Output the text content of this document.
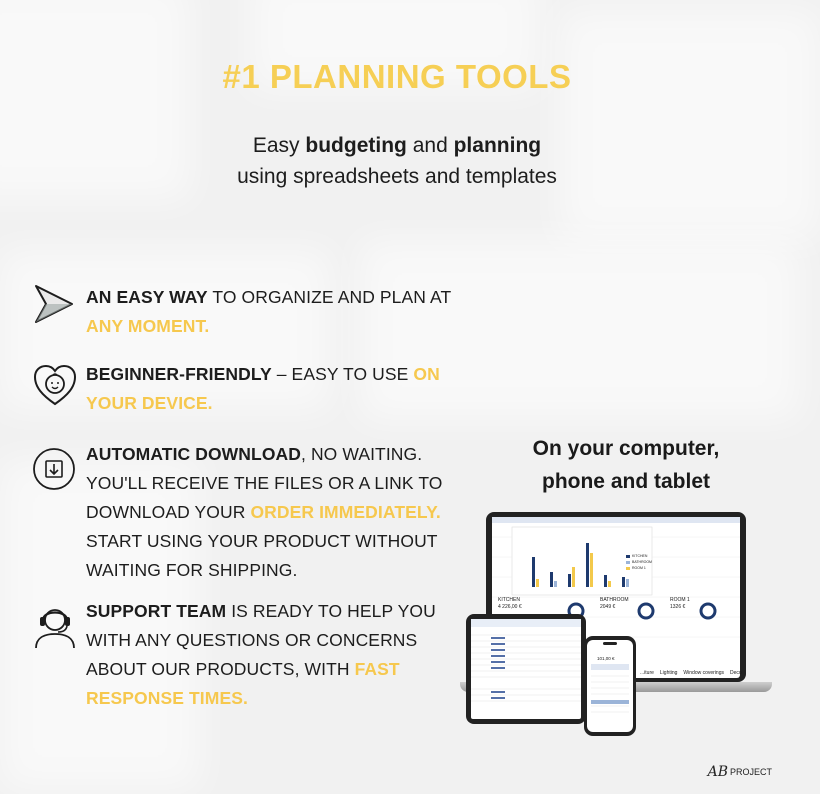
#1 PLANNING TOOLS
Easy budgeting and planning
using spreadsheets and templates
AN EASY WAY TO ORGANIZE AND PLAN AT ANY MOMENT.
BEGINNER-FRIENDLY – EASY TO USE ON YOUR DEVICE.
AUTOMATIC DOWNLOAD, NO WAITING. YOU'LL RECEIVE THE FILES OR A LINK TO DOWNLOAD YOUR ORDER IMMEDIATELY. START USING YOUR PRODUCT WITHOUT WAITING FOR SHIPPING.
SUPPORT TEAM IS READY TO HELP YOU WITH ANY QUESTIONS OR CONCERNS ABOUT OUR PRODUCTS, WITH FAST RESPONSE TIMES.
On your computer,
phone and tablet
KITCHEN
4 226,00 €
BATHROOM
2049 €
ROOM 1
1326 €
KITCHEN
BATHROOM
ROOM 1
...iture Lighting Window coverings Deco
101,00 €
AB PROJECT
